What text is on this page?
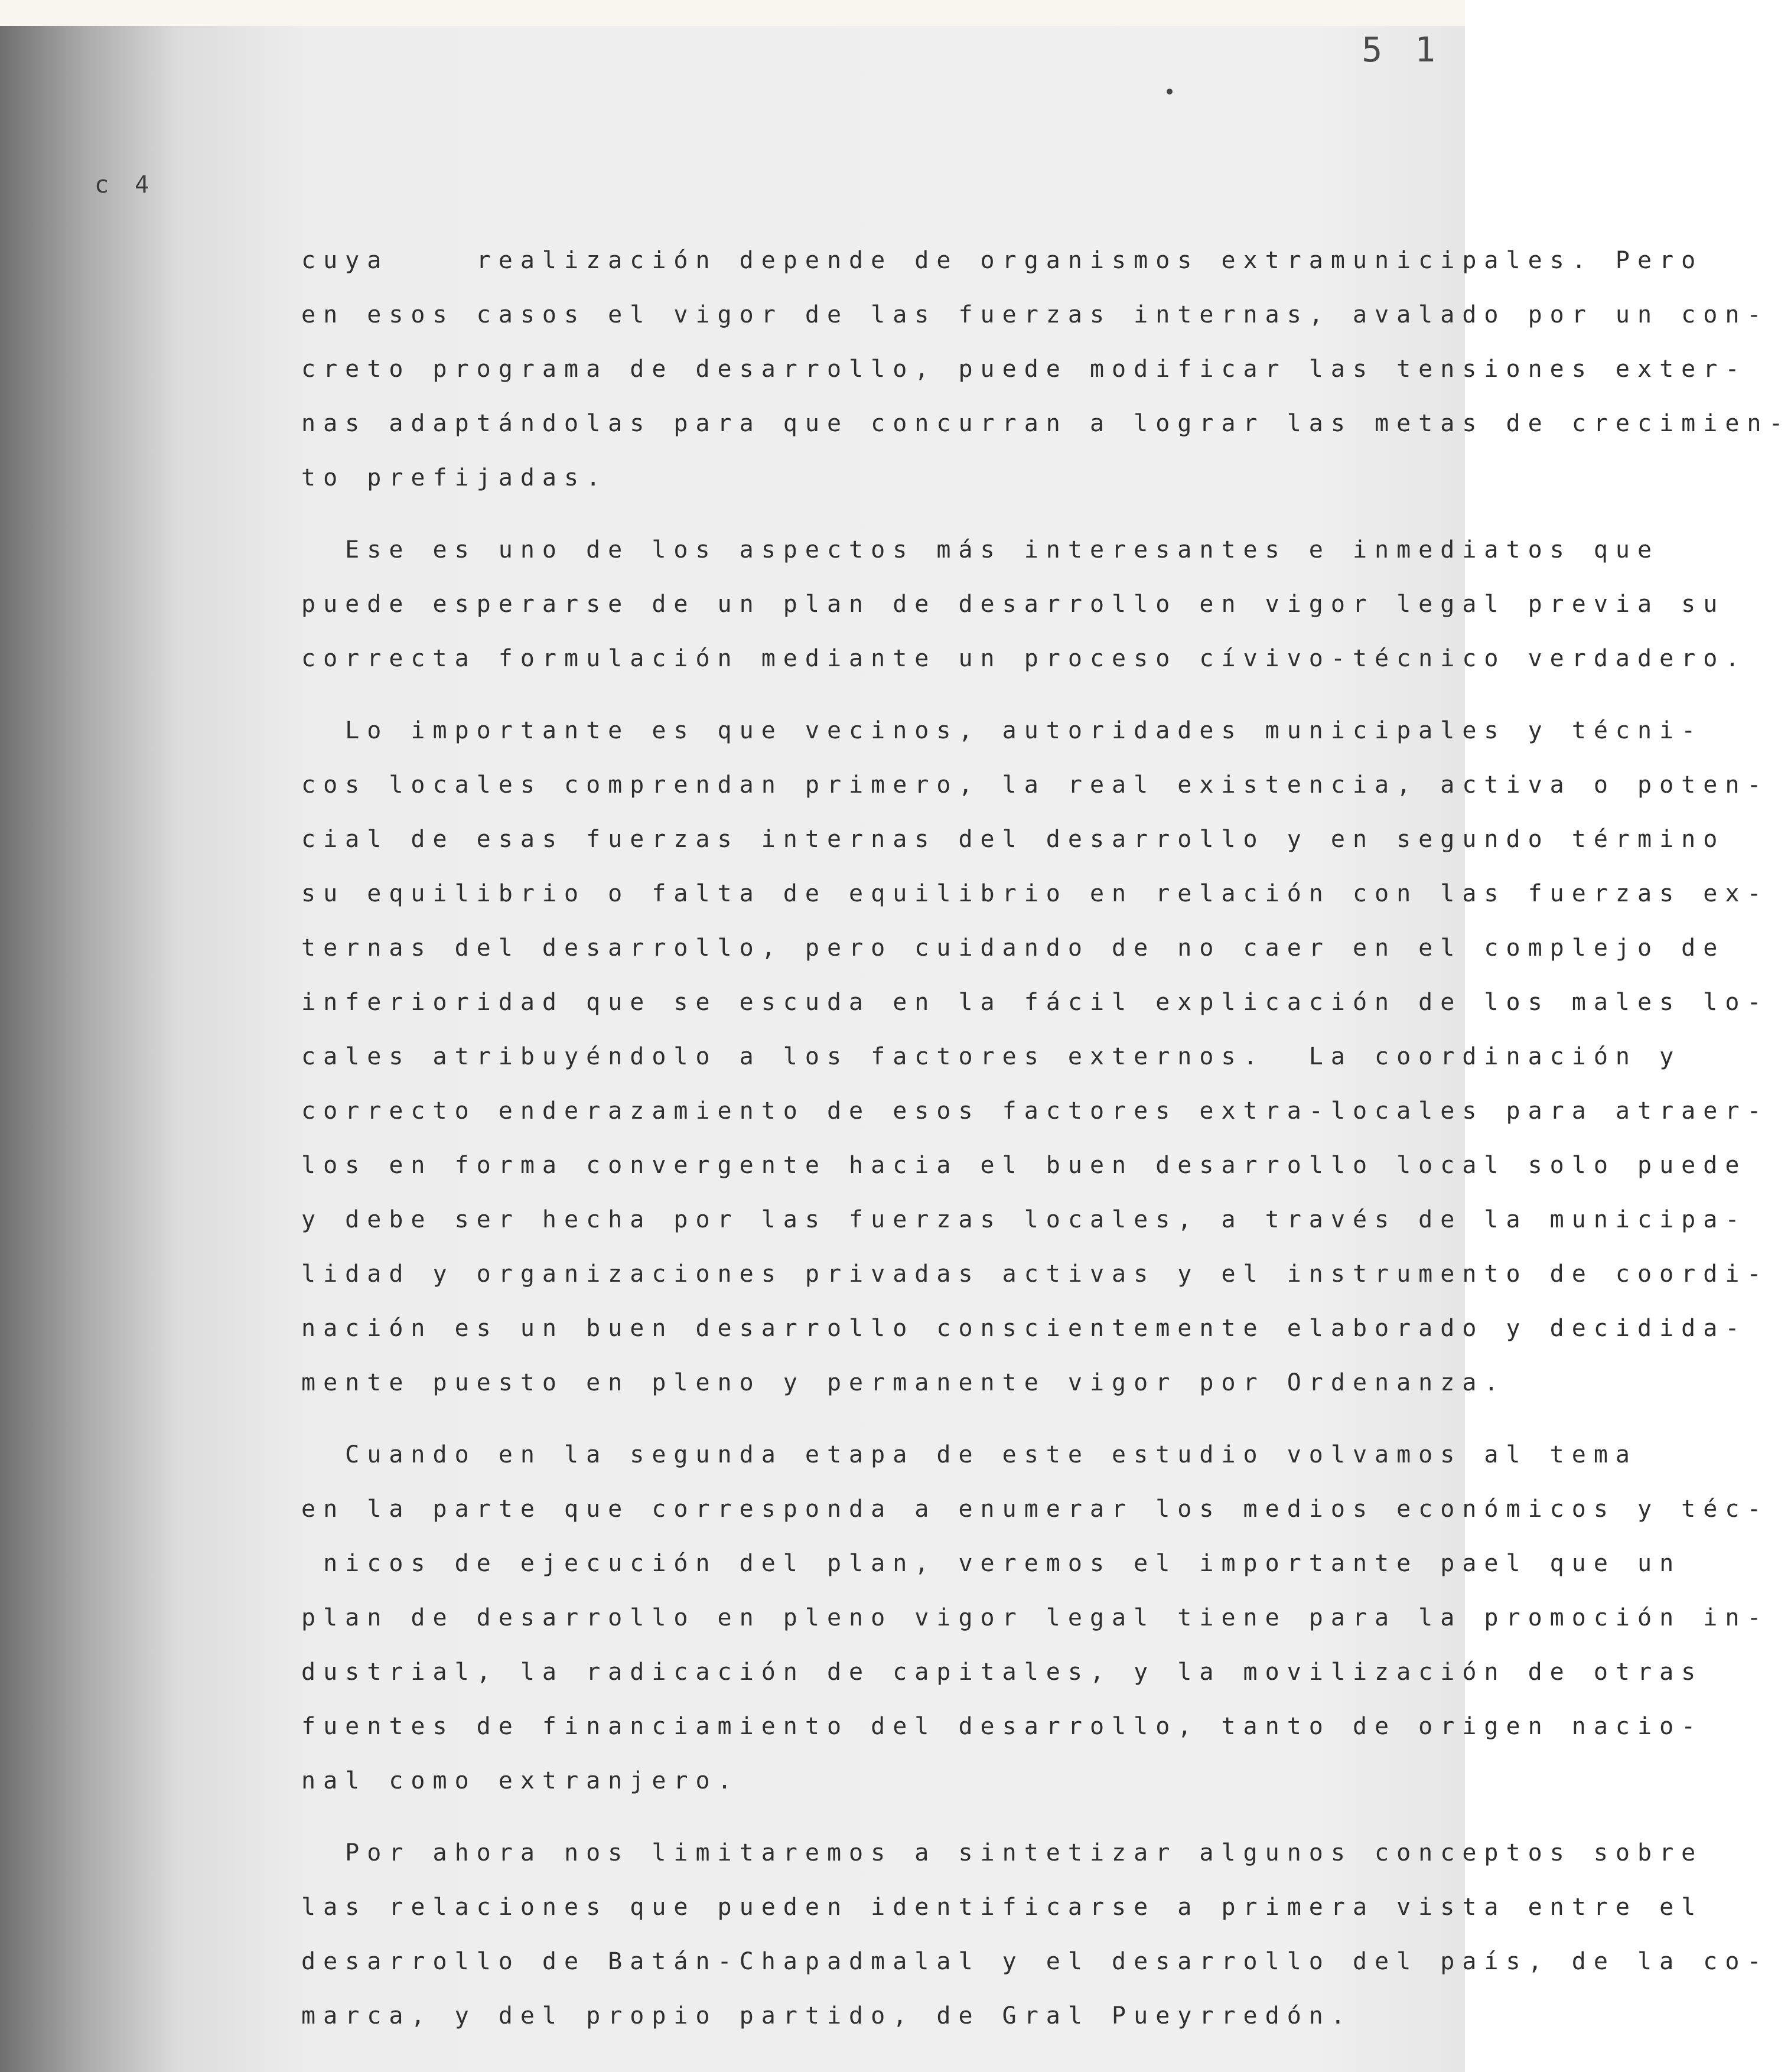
5 1
c 4
cuya    realización depende de organismos extramunicipales. Pero
en esos casos el vigor de las fuerzas internas, avalado por un con-
creto programa de desarrollo, puede modificar las tensiones exter-
nas adaptándolas para que concurran a lograr las metas de crecimien-
to prefijadas.
Ese es uno de los aspectos más interesantes e inmediatos que
puede esperarse de un plan de desarrollo en vigor legal previa su
correcta formulación mediante un proceso cívivo-técnico verdadero.
Lo importante es que vecinos, autoridades municipales y técni-
cos locales comprendan primero, la real existencia, activa o poten-
cial de esas fuerzas internas del desarrollo y en segundo término
su equilibrio o falta de equilibrio en relación con las fuerzas ex-
ternas del desarrollo, pero cuidando de no caer en el complejo de
inferioridad que se escuda en la fácil explicación de los males lo-
cales atribuyéndolo a los factores externos.  La coordinación y
correcto enderazamiento de esos factores extra-locales para atraer-
los en forma convergente hacia el buen desarrollo local solo puede
y debe ser hecha por las fuerzas locales, a través de la municipa-
lidad y organizaciones privadas activas y el instrumento de coordi-
nación es un buen desarrollo conscientemente elaborado y decidida-
mente puesto en pleno y permanente vigor por Ordenanza.
Cuando en la segunda etapa de este estudio volvamos al tema
en la parte que corresponda a enumerar los medios económicos y téc-
nicos de ejecución del plan, veremos el importante pael que un
plan de desarrollo en pleno vigor legal tiene para la promoción in-
dustrial, la radicación de capitales, y la movilización de otras
fuentes de financiamiento del desarrollo, tanto de origen nacio-
nal como extranjero.
Por ahora nos limitaremos a sintetizar algunos conceptos sobre
las relaciones que pueden identificarse a primera vista entre el
desarrollo de Batán-Chapadmalal y el desarrollo del país, de la co-
marca, y del propio partido, de Gral Pueyrredón.
